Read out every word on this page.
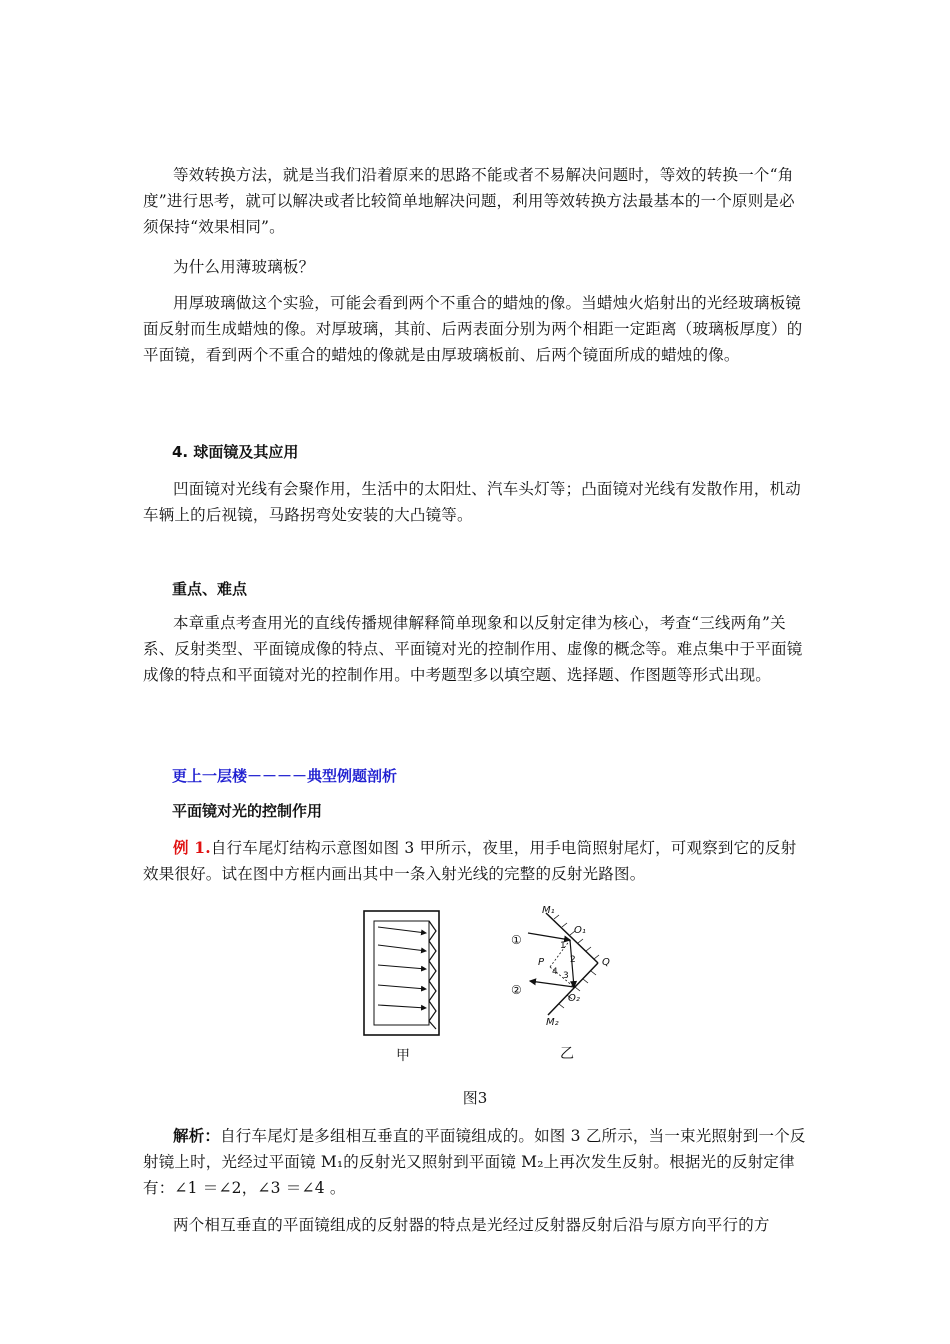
等效转换方法，就是当我们沿着原来的思路不能或者不易解决问题时，等效的转换一个“角度”进行思考，就可以解决或者比较简单地解决问题，利用等效转换方法最基本的一个原则是必须保持“效果相同”。

为什么用薄玻璃板？

用厚玻璃做这个实验，可能会看到两个不重合的蜡烛的像。当蜡烛火焰射出的光经玻璃板镜面反射而生成蜡烛的像。对厚玻璃，其前、后两表面分别为两个相距一定距离（玻璃板厚度）的平面镜，看到两个不重合的蜡烛的像就是由厚玻璃板前、后两个镜面所成的蜡烛的像。

4. 球面镜及其应用

凹面镜对光线有会聚作用，生活中的太阳灶、汽车头灯等；凸面镜对光线有发散作用，机动车辆上的后视镜，马路拐弯处安装的大凸镜等。

重点、难点

本章重点考查用光的直线传播规律解释简单现象和以反射定律为核心，考查“三线两角”关系、反射类型、平面镜成像的特点、平面镜对光的控制作用、虚像的概念等。难点集中于平面镜成像的特点和平面镜对光的控制作用。中考题型多以填空题、选择题、作图题等形式出现。

更上一层楼－－－－典型例题剖析

平面镜对光的控制作用

例 1.自行车尾灯结构示意图如图 3 甲所示，夜里，用手电筒照射尾灯，可观察到它的反射效果很好。试在图中方框内画出其中一条入射光线的完整的反射光路图。

M₁
M₂
O₁
O₂
P	Q
①
②
1
2
3
4
甲	乙
图3

解析：自行车尾灯是多组相互垂直的平面镜组成的。如图 3 乙所示，当一束光照射到一个反射镜上时，光经过平面镜 M₁的反射光又照射到平面镜 M₂上再次发生反射。根据光的反射定律有：∠1 ＝∠2，∠3 ＝∠4 。

两个相互垂直的平面镜组成的反射器的特点是光经过反射器反射后沿与原方向平行的方
